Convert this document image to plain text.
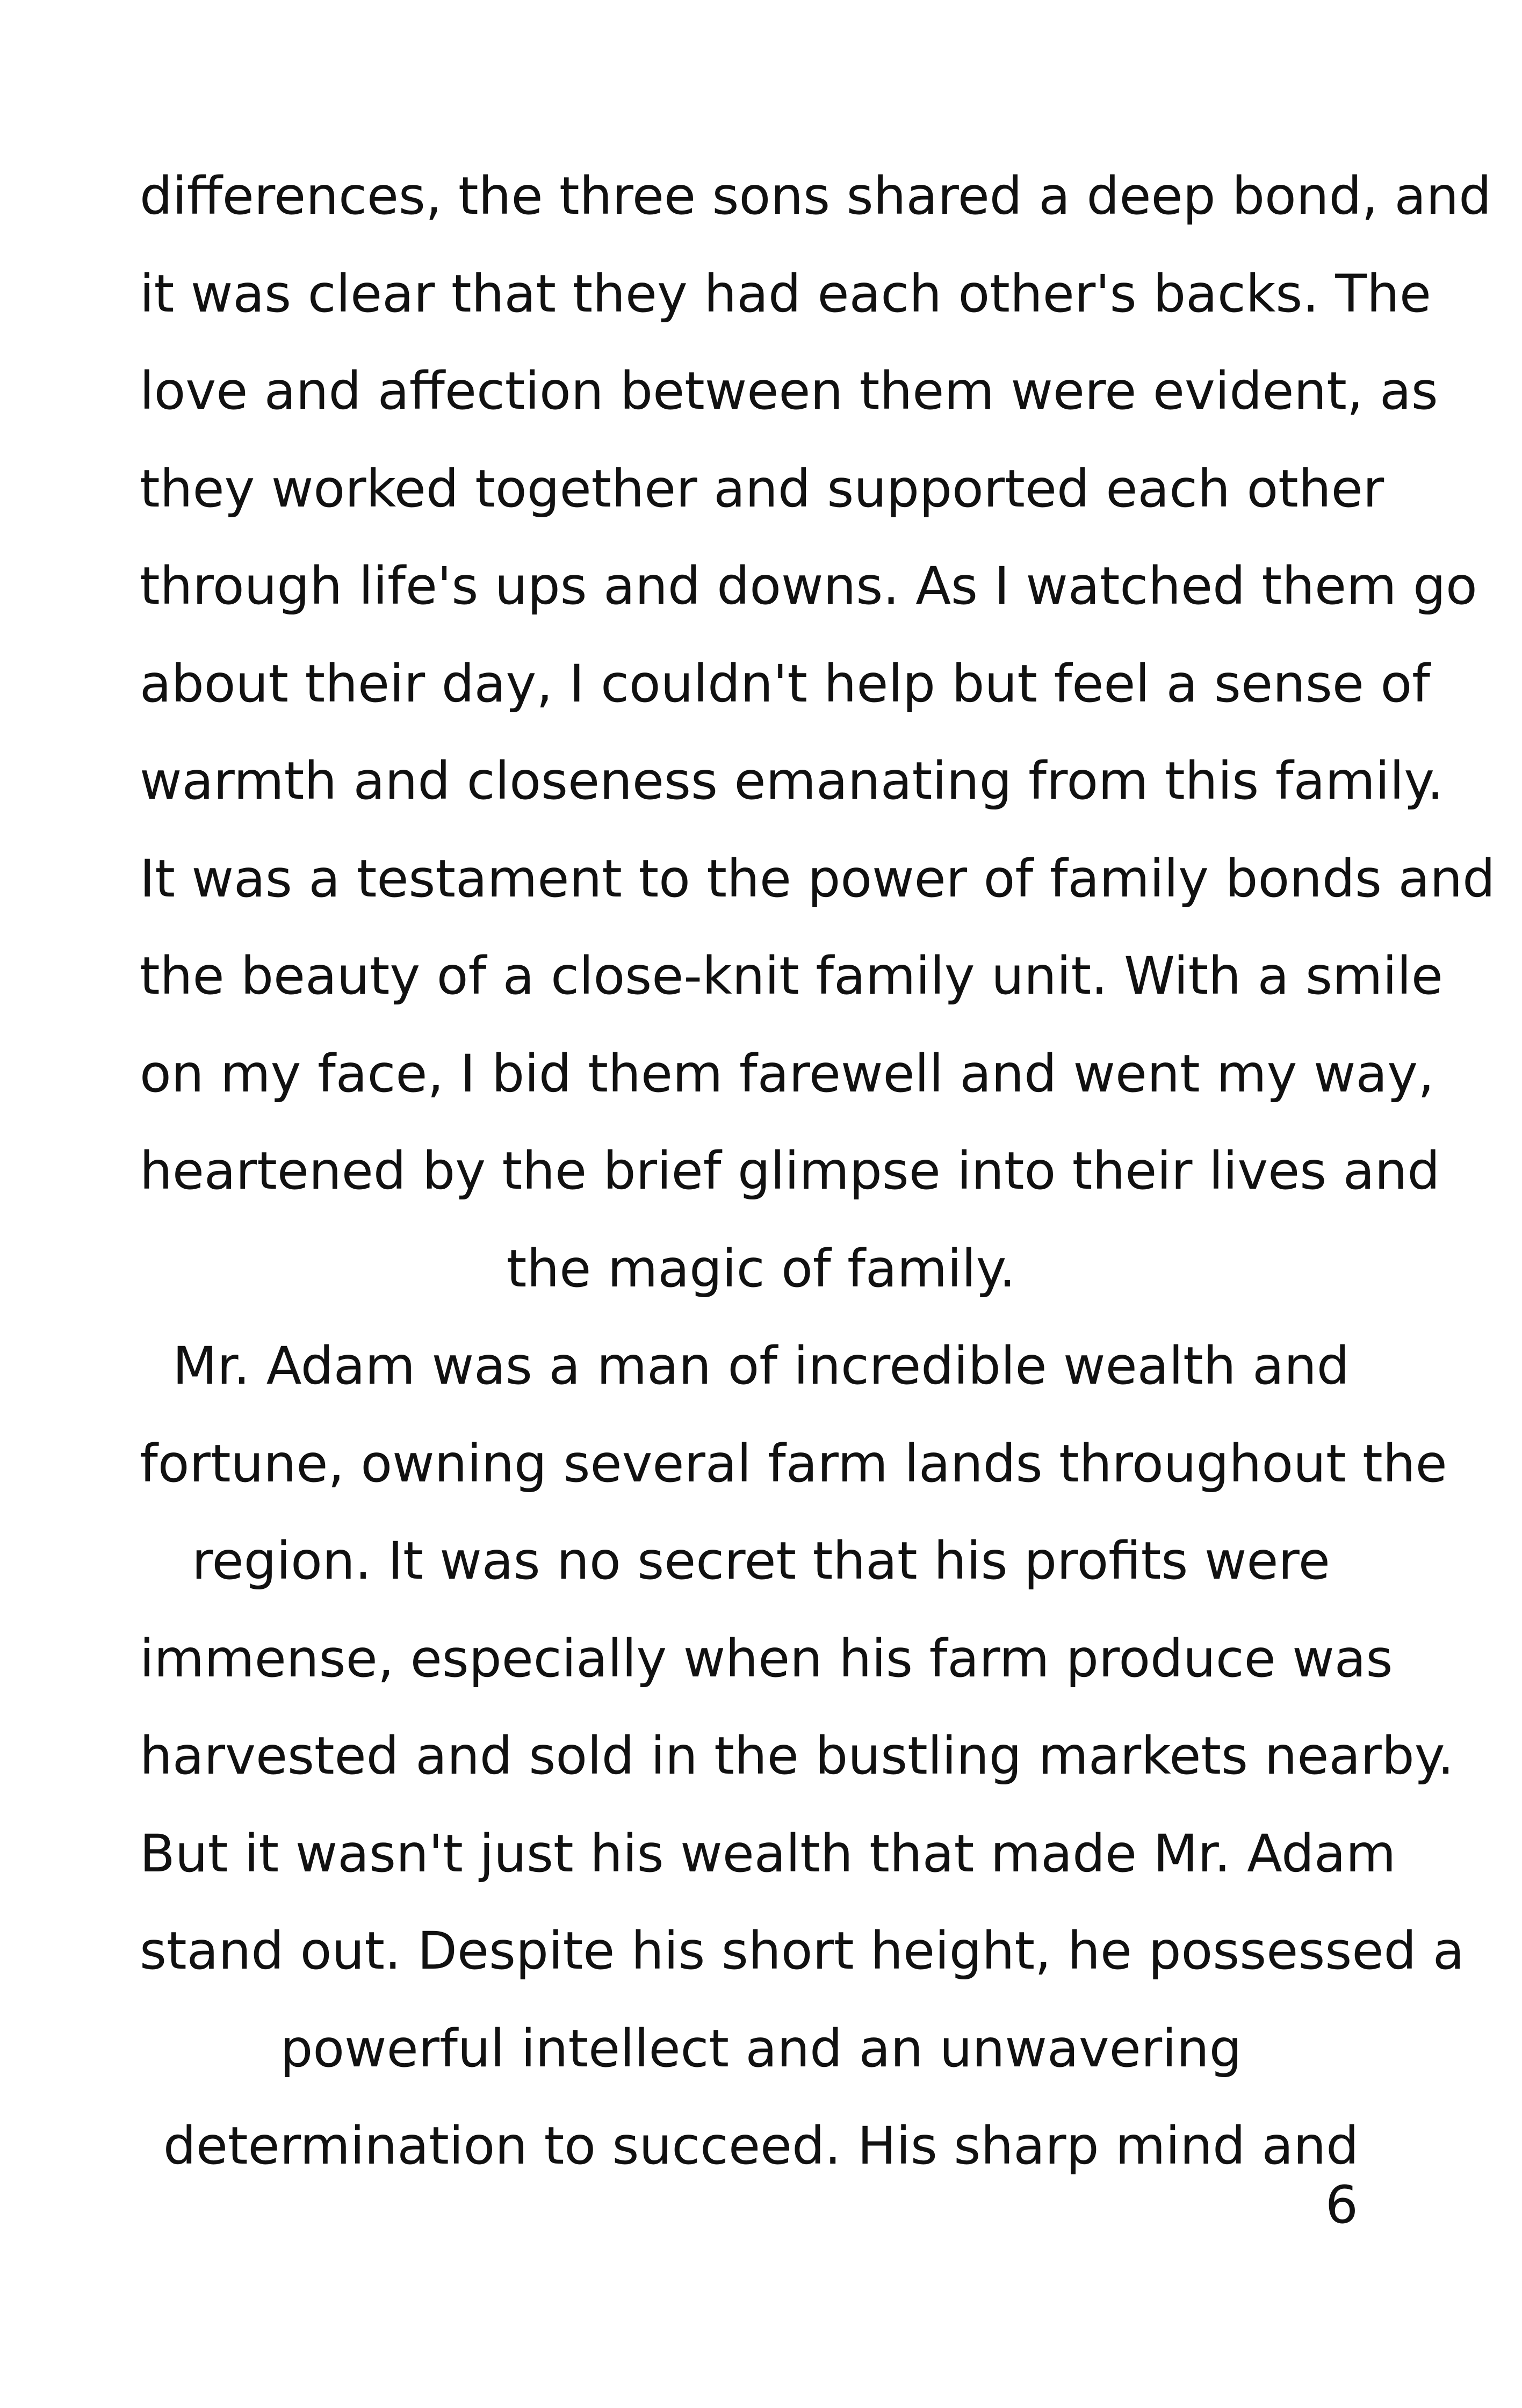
differences, the three sons shared a deep bond, and
it was clear that they had each other's backs. The
love and affection between them were evident, as
they worked together and supported each other
through life's ups and downs. As I watched them go
about their day, I couldn't help but feel a sense of
warmth and closeness emanating from this family.
It was a testament to the power of family bonds and
the beauty of a close-knit family unit. With a smile
on my face, I bid them farewell and went my way,
heartened by the brief glimpse into their lives and
the magic of family.
Mr. Adam was a man of incredible wealth and
fortune, owning several farm lands throughout the
region. It was no secret that his profits were
immense, especially when his farm produce was
harvested and sold in the bustling markets nearby.
But it wasn't just his wealth that made Mr. Adam
stand out. Despite his short height, he possessed a
powerful intellect and an unwavering
determination to succeed. His sharp mind and
6
